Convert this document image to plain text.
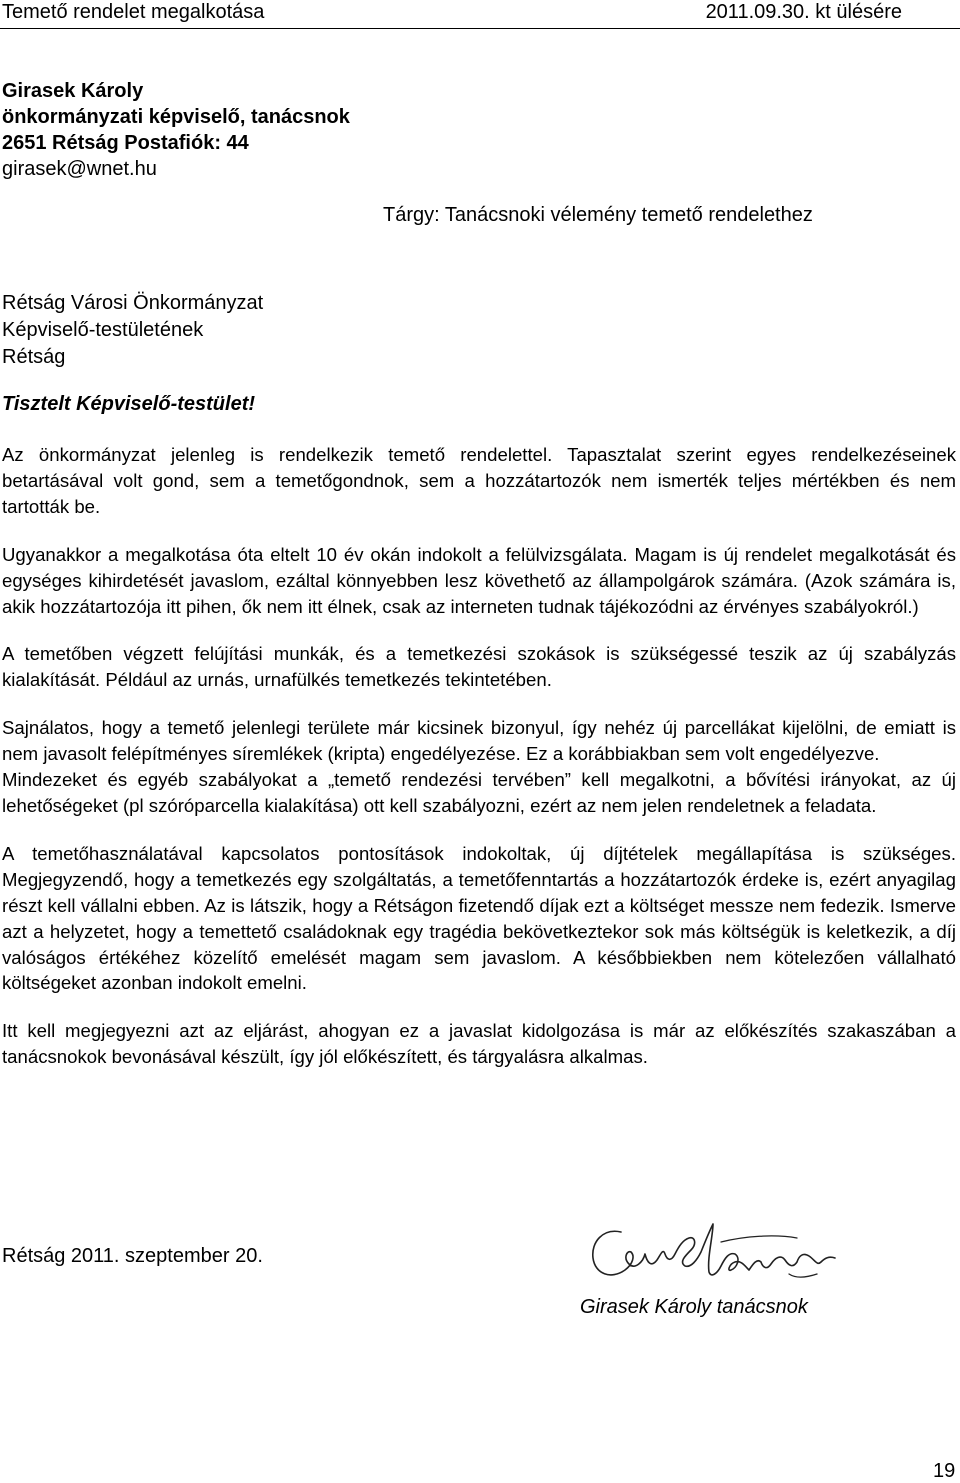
Temető rendelet megalkotása	2011.09.30. kt ülésére
Girasek Károly
önkormányzati képviselő, tanácsnok
2651 Rétság Postafiók: 44
girasek@wnet.hu
Tárgy: Tanácsnoki vélemény temető rendelethez
Rétság Városi Önkormányzat
Képviselő-testületének
Rétság
Tisztelt Képviselő-testület!

Az önkormányzat jelenleg is rendelkezik temető rendelettel. Tapasztalat szerint egyes rendelkezéseinek betartásával volt gond, sem a temetőgondnok, sem a hozzátartozók nem ismerték teljes mértékben és nem tartották be.

Ugyanakkor a megalkotása óta eltelt 10 év okán indokolt a felülvizsgálata. Magam is új rendelet megalkotását és egységes kihirdetését javaslom, ezáltal könnyebben lesz követhető az állampolgárok számára. (Azok számára is, akik hozzátartozója itt pihen, ők nem itt élnek, csak az interneten tudnak tájékozódni az érvényes szabályokról.)

A temetőben végzett felújítási munkák, és a temetkezési szokások is szükségessé teszik az új szabályzás kialakítását. Például az urnás, urnafülkés temetkezés tekintetében.

Sajnálatos, hogy a temető jelenlegi területe már kicsinek bizonyul, így nehéz új parcellákat kijelölni, de emiatt is nem javasolt felépítményes síremlékek (kripta) engedélyezése. Ez a korábbiakban sem volt engedélyezve.

Mindezeket és egyéb szabályokat a „temető rendezési tervében” kell megalkotni, a bővítési irányokat, az új lehetőségeket (pl szóróparcella kialakítása) ott kell szabályozni, ezért az nem jelen rendeletnek a feladata.

A temetőhasználatával kapcsolatos pontosítások indokoltak, új díjtételek megállapítása is szükséges. Megjegyzendő, hogy a temetkezés egy szolgáltatás, a temetőfenntartás a hozzátartozók érdeke is, ezért anyagilag részt kell vállalni ebben. Az is látszik, hogy a Rétságon fizetendő díjak ezt a költséget messze nem fedezik. Ismerve azt a helyzetet, hogy a temettető családoknak egy tragédia bekövetkeztekor sok más költségük is keletkezik, a díj valóságos értékéhez közelítő emelését magam sem javaslom. A későbbiekben nem kötelezően vállalható költségeket azonban indokolt emelni.

Itt kell megjegyezni azt az eljárást, ahogyan ez a javaslat kidolgozása is már az előkészítés szakaszában a tanácsnokok bevonásával készült, így jól előkészített, és tárgyalásra alkalmas.

Rétság 2011. szeptember 20.
Girasek Károly tanácsnok
19
